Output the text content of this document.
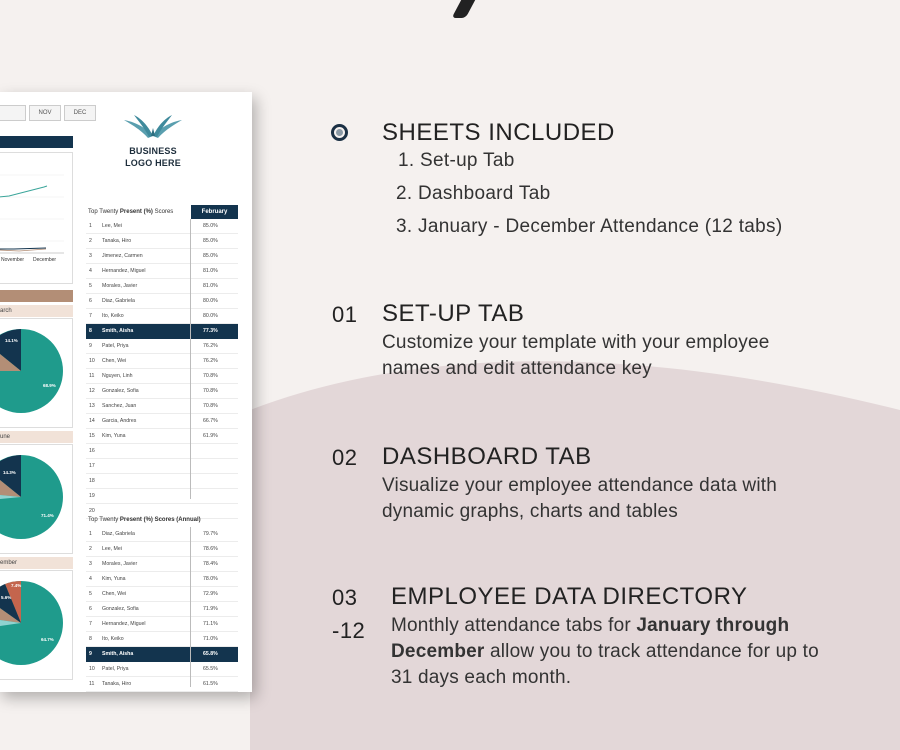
NOV	DEC
November December
arch
14.1%
68.9%
une
14.3%
71.4%
ember
7.4%
5.6%
64.7%
BUSINESS
LOGO HERE
Top Twenty Present (%) Scores	February
1 Lee, Mei	85.0%
2 Tanaka, Hiro	85.0%
3 Jimenez, Carmen	85.0%
4 Hernandez, Miguel	81.0%
5 Morales, Javier	81.0%
6 Diaz, Gabriela	80.0%
7 Ito, Keiko	80.0%
8 Smith, Aisha	77.3%
9 Patel, Priya	76.2%
10 Chen, Wei	76.2%
11 Nguyen, Linh	70.8%
12 Gonzalez, Sofia	70.8%
13 Sanchez, Juan	70.8%
14 Garcia, Andres	66.7%
15 Kim, Yuna	61.9%
16
17
18
19
20
Top Twenty Present (%) Scores (Annual)
1 Diaz, Gabriela	79.7%
2 Lee, Mei	78.6%
3 Morales, Javier	78.4%
4 Kim, Yuna	78.0%
5 Chen, Wei	72.9%
6 Gonzalez, Sofia	71.9%
7 Hernandez, Miguel	71.1%
8 Ito, Keiko	71.0%
9 Smith, Aisha	65.8%
10 Patel, Priya	65.5%
11 Tanaka, Hiro	61.5%
SHEETS INCLUDED
1. Set-up Tab
2. Dashboard Tab
3. January - December Attendance (12 tabs)
01 SET-UP TAB
Customize your template with your employee
names and edit attendance key
02 DASHBOARD TAB
Visualize your employee attendance data with
dynamic graphs, charts and tables
03
-12
EMPLOYEE DATA DIRECTORY
Monthly attendance tabs for January through
December allow you to track attendance for up to
31 days each month.
